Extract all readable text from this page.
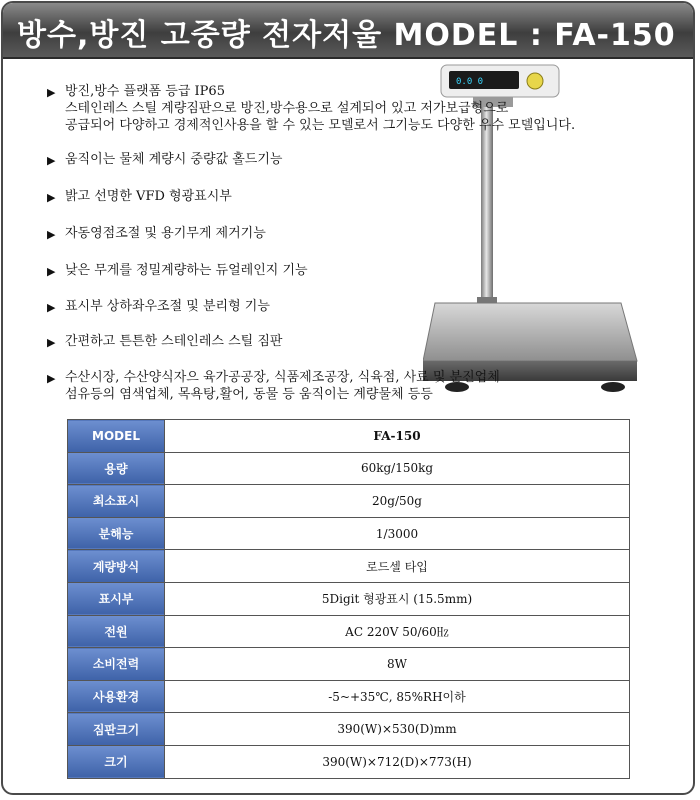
방수,방진 고중량 전자저울 MODEL : FA-150
0.0 0
▶ 방진,방수 플랫폼 등급 IP65
스테인레스 스틸 계량짐판으로 방진,방수용으로 설계되어 있고 저가보급형으로
공급되어 다양하고 경제적인사용을 할 수 있는 모델로서 그기능도 다양한 우수 모델입니다.
▶ 움직이는 물체 계량시 중량값 홀드기능
▶ 밝고 선명한 VFD 형광표시부
▶ 자동영점조절 및 용기무게 제거기능
▶ 낮은 무게를 정밀계량하는 듀얼레인지 기능
▶ 표시부 상하좌우조절 및 분리형 기능
▶ 간편하고 튼튼한 스테인레스 스틸 짐판
▶ 수산시장, 수산양식자으 육가공공장, 식품제조공장, 식육점, 사료 및 분진업체
섬유등의 염색업체, 목욕탕,활어, 동물 등 움직이는 계량물체 등등
MODEL	FA-150
용량	60kg/150kg
최소표시	20g/50g
분해능	1/3000
계량방식	로드셀 타입
표시부	5Digit 형광표시 (15.5mm)
전원	AC 220V 50/60㎐
소비전력	8W
사용환경	-5~+35℃, 85%RH이하
짐판크기	390(W)×530(D)mm
크기	390(W)×712(D)×773(H)
